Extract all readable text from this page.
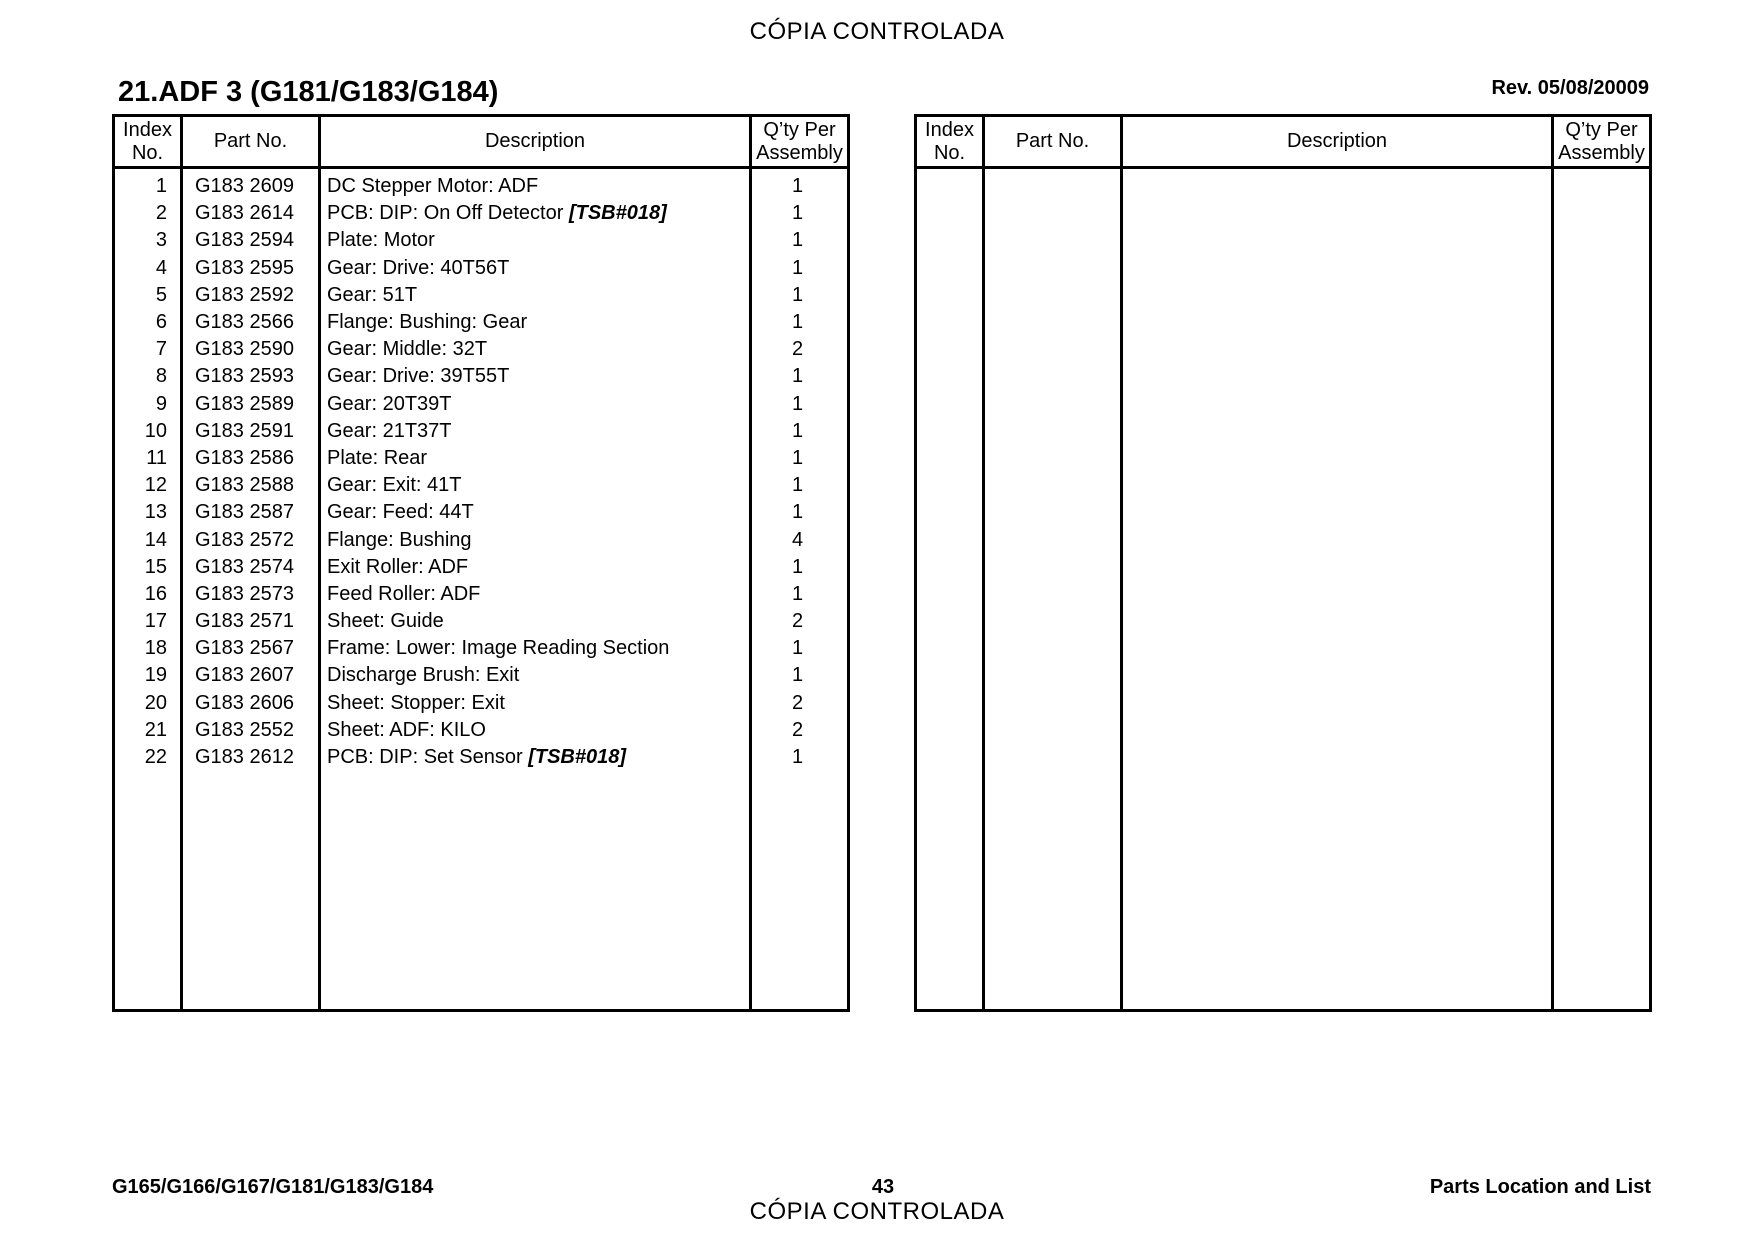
CÓPIA CONTROLADA
21.ADF 3 (G181/G183/G184)	Rev. 05/08/20009
Index
No.	Part No.	Description	Q’ty Per
Assembly
1	G183 2609	DC Stepper Motor: ADF	1
2	G183 2614	PCB: DIP: On Off Detector [TSB#018]	1
3	G183 2594	Plate: Motor	1
4	G183 2595	Gear: Drive: 40T56T	1
5	G183 2592	Gear: 51T	1
6	G183 2566	Flange: Bushing: Gear	1
7	G183 2590	Gear: Middle: 32T	2
8	G183 2593	Gear: Drive: 39T55T	1
9	G183 2589	Gear: 20T39T	1
10	G183 2591	Gear: 21T37T	1
11	G183 2586	Plate: Rear	1
12	G183 2588	Gear: Exit: 41T	1
13	G183 2587	Gear: Feed: 44T	1
14	G183 2572	Flange: Bushing	4
15	G183 2574	Exit Roller: ADF	1
16	G183 2573	Feed Roller: ADF	1
17	G183 2571	Sheet: Guide	2
18	G183 2567	Frame: Lower: Image Reading Section	1
19	G183 2607	Discharge Brush: Exit	1
20	G183 2606	Sheet: Stopper: Exit	2
21	G183 2552	Sheet: ADF: KILO	2
22	G183 2612	PCB: DIP: Set Sensor [TSB#018]	1

Index
No.	Part No.	Description	Q’ty Per
Assembly

G165/G166/G167/G181/G183/G184	43	Parts Location and List
CÓPIA CONTROLADA
